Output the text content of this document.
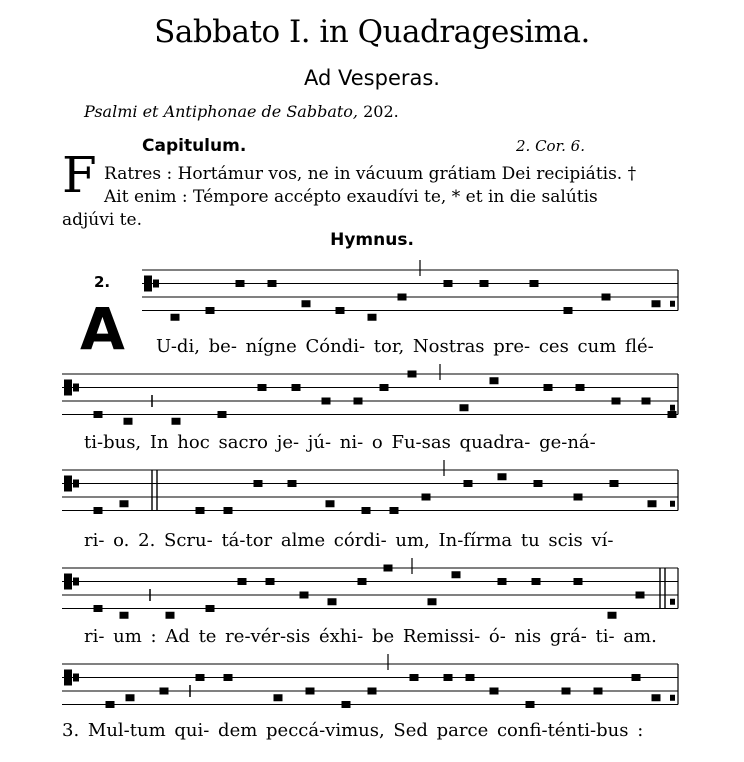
Sabbato I. in Quadragesima.
Ad Vesperas.
Psalmi et Antiphonae de Sabbato, 202.
Capitulum.	2. Cor. 6.
F Ratres : Hortámur vos, ne in vácuum grátiam Dei recipiátis. †
Ait enim : Témpore accépto exaudívi te, * et in die salútis
adjúvi te.
Hymnus.
2.
A U-di, be- nígne Cóndi- tor, Nostras pre- ces cum flé-
ti-bus, In hoc sacro je- jú- ni- o Fu-sas quadra- ge-ná-
ri- o. 2. Scru- tá-tor alme córdi- um, In-fírma tu scis ví-
ri- um : Ad te re-vér-sis éxhi- be Remissi- ó- nis grá- ti- am.
3. Mul-tum qui- dem peccá-vimus, Sed parce confi-ténti-bus :
